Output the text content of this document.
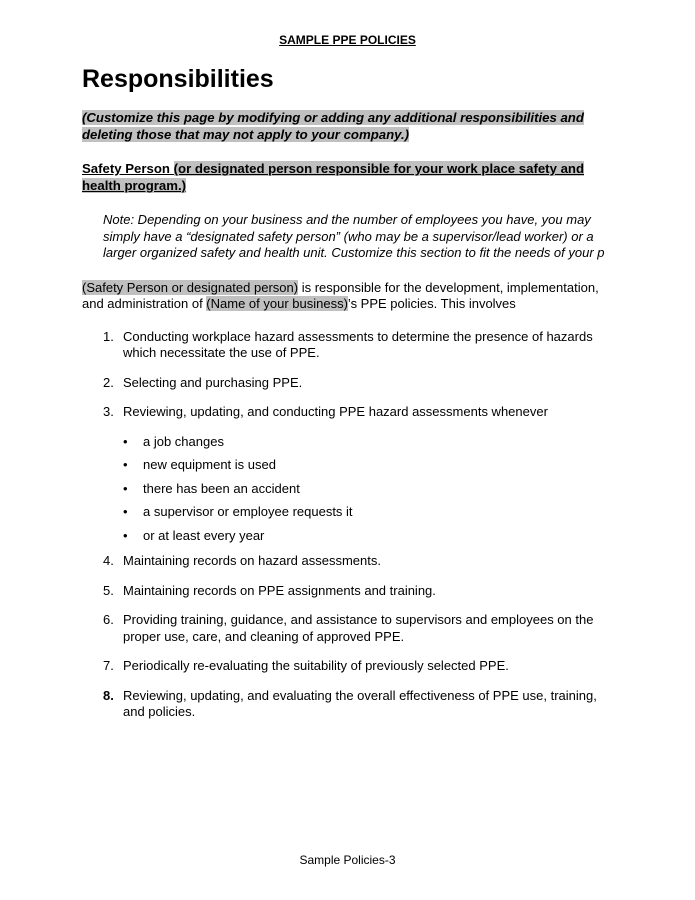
SAMPLE PPE POLICIES
Responsibilities

(Customize this page by modifying or adding any additional responsibilities and deleting those that may not apply to your company.)

Safety Person (or designated person responsible for your work place safety and health program.)

Note: Depending on your business and the number of employees you have, you may simply have a “designated safety person” (who may be a supervisor/lead worker) or a larger organized safety and health unit. Customize this section to fit the needs of your p

(Safety Person or designated person) is responsible for the development, implementation, and administration of (Name of your business)’s PPE policies. This involves

1. Conducting workplace hazard assessments to determine the presence of hazards which necessitate the use of PPE.
2. Selecting and purchasing PPE.
3. Reviewing, updating, and conducting PPE hazard assessments whenever
• a job changes
• new equipment is used
• there has been an accident
• a supervisor or employee requests it
• or at least every year
4. Maintaining records on hazard assessments.
5. Maintaining records on PPE assignments and training.
6. Providing training, guidance, and assistance to supervisors and employees on the proper use, care, and cleaning of approved PPE.
7. Periodically re-evaluating the suitability of previously selected PPE.
8. Reviewing, updating, and evaluating the overall effectiveness of PPE use, training, and policies.
Sample Policies-3
